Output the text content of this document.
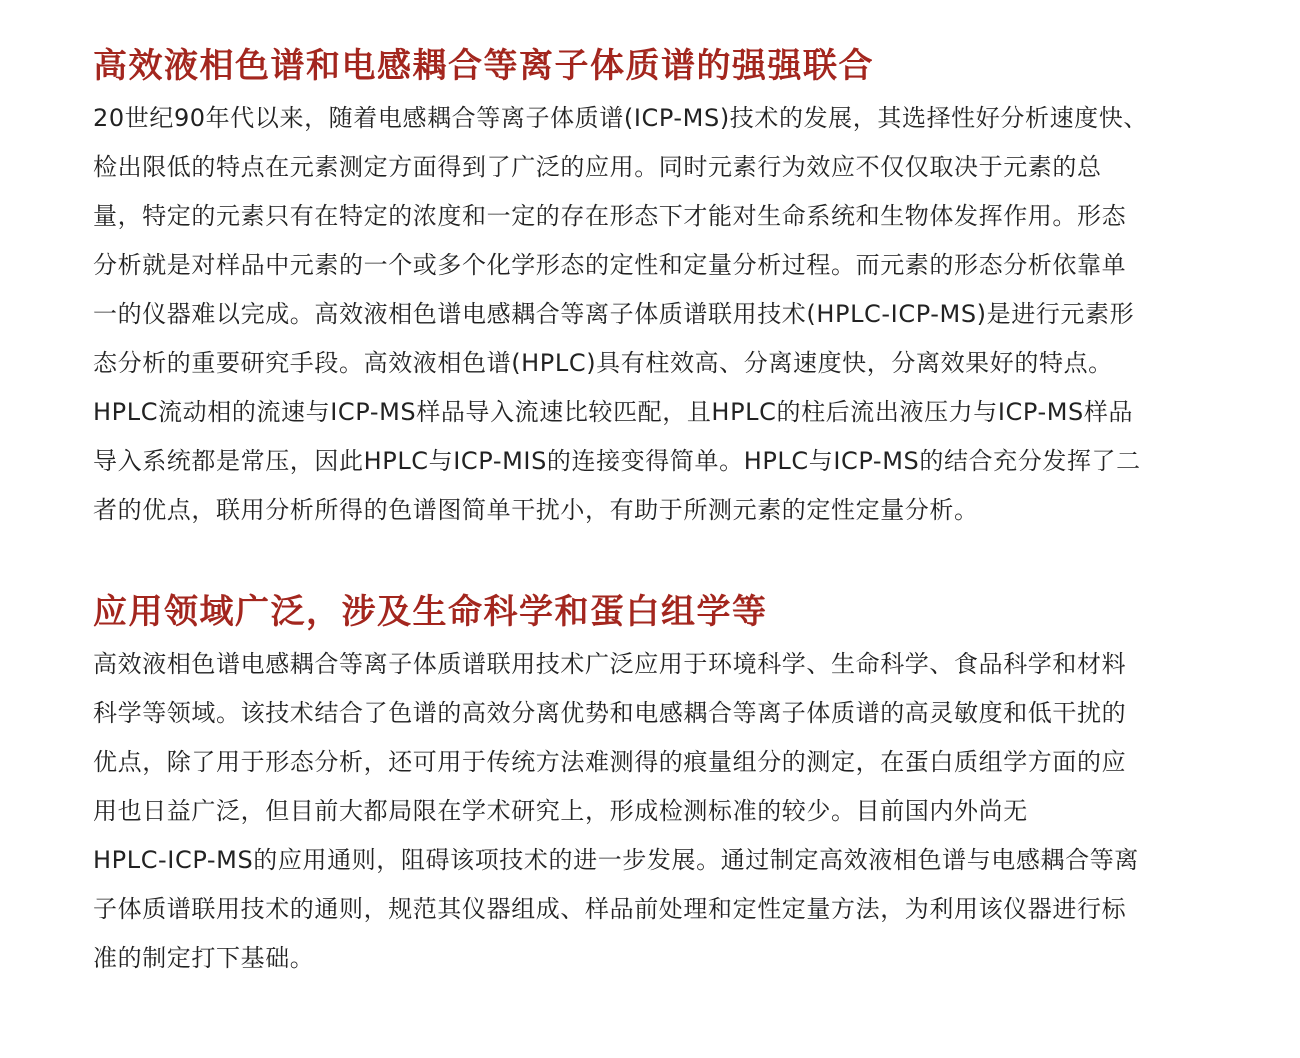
高效液相色谱和电感耦合等离子体质谱的强强联合
20世纪90年代以来，随着电感耦合等离子体质谱(ICP-MS)技术的发展，其选择性好分析速度快、
检出限低的特点在元素测定方面得到了广泛的应用。同时元素行为效应不仅仅取决于元素的总
量，特定的元素只有在特定的浓度和一定的存在形态下才能对生命系统和生物体发挥作用。形态
分析就是对样品中元素的一个或多个化学形态的定性和定量分析过程。而元素的形态分析依靠单
一的仪器难以完成。高效液相色谱电感耦合等离子体质谱联用技术(HPLC-ICP-MS)是进行元素形
态分析的重要研究手段。高效液相色谱(HPLC)具有柱效高、分离速度快，分离效果好的特点。
HPLC流动相的流速与ICP-MS样品导入流速比较匹配，且HPLC的柱后流出液压力与ICP-MS样品
导入系统都是常压，因此HPLC与ICP-MIS的连接变得简单。HPLC与ICP-MS的结合充分发挥了二
者的优点，联用分析所得的色谱图简单干扰小，有助于所测元素的定性定量分析。
应用领域广泛，涉及生命科学和蛋白组学等
高效液相色谱电感耦合等离子体质谱联用技术广泛应用于环境科学、生命科学、食品科学和材料
科学等领域。该技术结合了色谱的高效分离优势和电感耦合等离子体质谱的高灵敏度和低干扰的
优点，除了用于形态分析，还可用于传统方法难测得的痕量组分的测定，在蛋白质组学方面的应
用也日益广泛，但目前大都局限在学术研究上，形成检测标准的较少。目前国内外尚无
HPLC-ICP-MS的应用通则，阻碍该项技术的进一步发展。通过制定高效液相色谱与电感耦合等离
子体质谱联用技术的通则，规范其仪器组成、样品前处理和定性定量方法，为利用该仪器进行标
准的制定打下基础。
